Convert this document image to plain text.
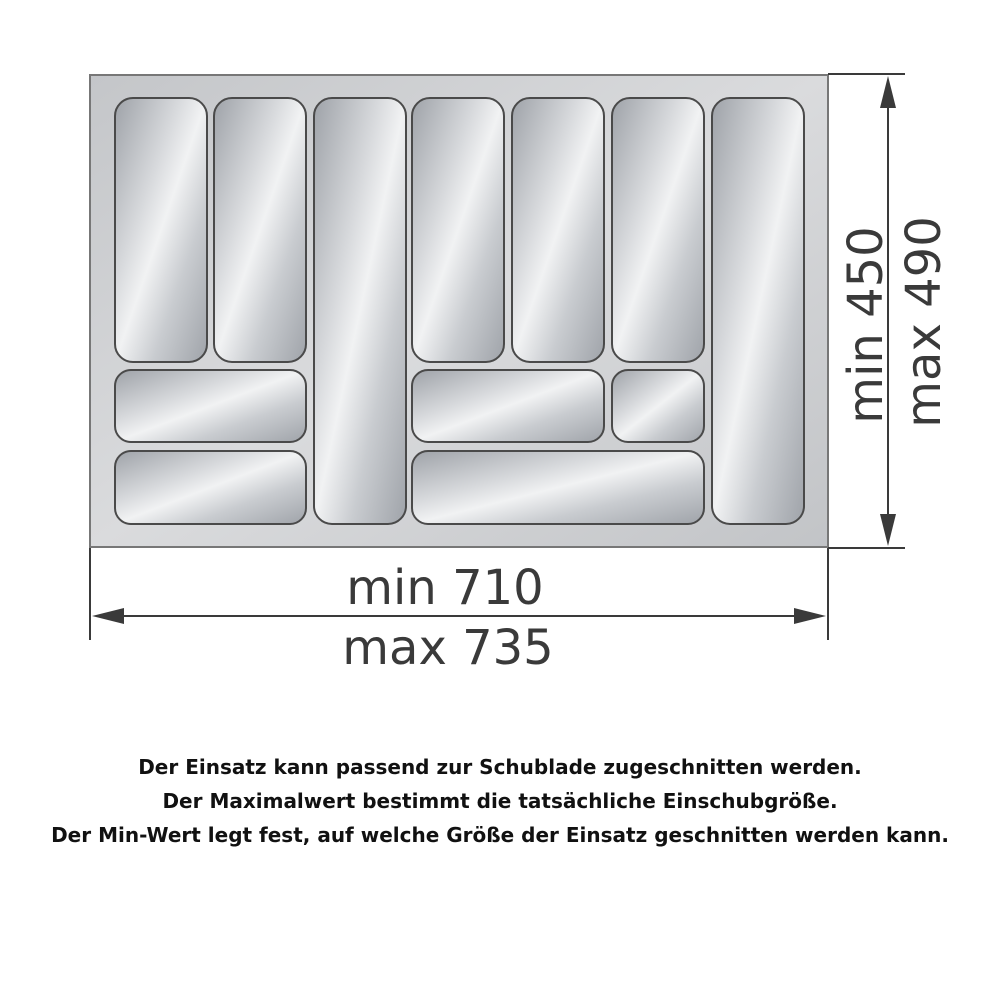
min 710
max 735
min 450 max 490
Der Einsatz kann passend zur Schublade zugeschnitten werden.
Der Maximalwert bestimmt die tatsächliche Einschubgröße.
Der Min-Wert legt fest, auf welche Größe der Einsatz geschnitten werden kann.
